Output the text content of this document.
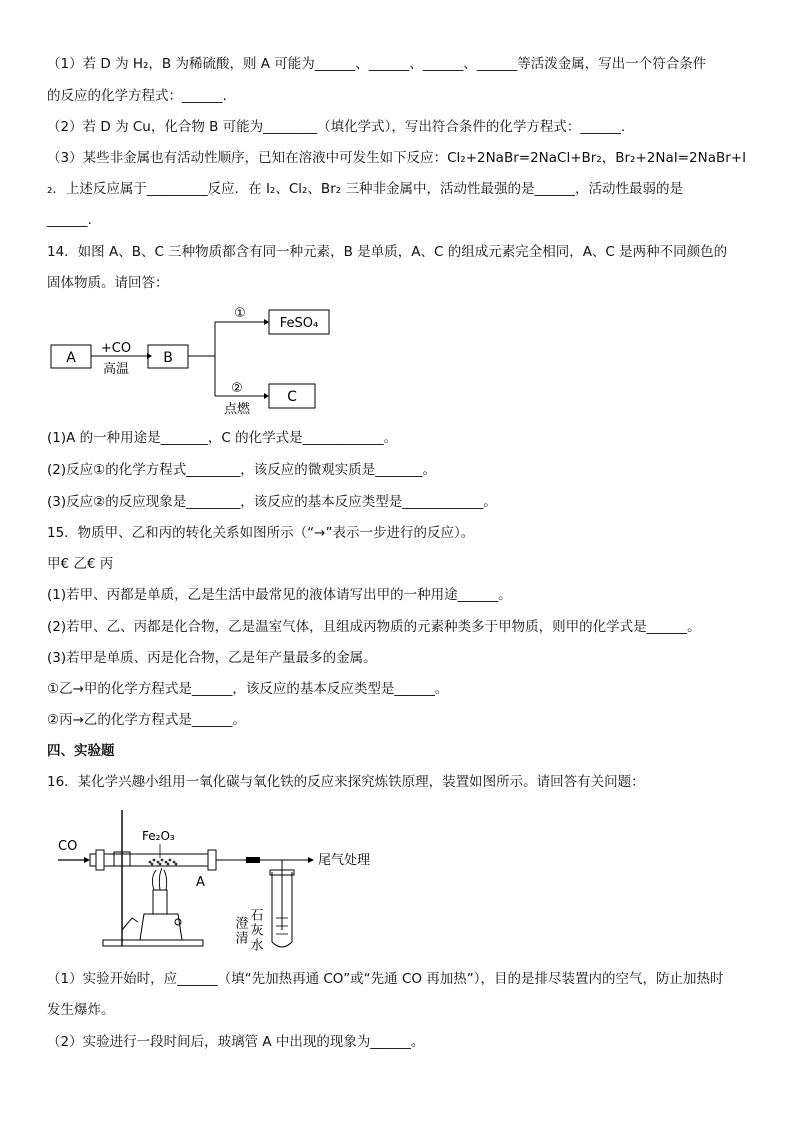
（1）若 D 为 H₂，B 为稀硫酸，则 A 可能为______、______、______、______等活泼金属，写出一个符合条件
的反应的化学方程式：______.
（2）若 D 为 Cu，化合物 B 可能为________（填化学式），写出符合条件的化学方程式：______.
（3）某些非金属也有活动性顺序，已知在溶液中可发生如下反应：Cl₂+2NaBr=2NaCl+Br₂，Br₂+2NaI=2NaBr+I
₂．上述反应属于_________反应．在 I₂、Cl₂、Br₂ 三种非金属中，活动性最强的是______，活动性最弱的是
______.
14．如图 A、B、C 三种物质都含有同一种元素，B 是单质，A、C 的组成元素完全相同，A、C 是两种不同颜色的
固体物质。请回答：
A
+CO
高温
B
①
②
点燃
FeSO₄
C
(1)A 的一种用途是_______，C 的化学式是____________。
(2)反应①的化学方程式________，该反应的微观实质是_______。
(3)反应②的反应现象是________，该反应的基本反应类型是____________。
15．物质甲、乙和丙的转化关系如图所示（“→”表示一步进行的反应）。
甲€ 乙€ 丙
(1)若甲、丙都是单质，乙是生活中最常见的液体请写出甲的一种用途______。
(2)若甲、乙、丙都是化合物，乙是温室气体，且组成丙物质的元素种类多于甲物质，则甲的化学式是______。
(3)若甲是单质、丙是化合物，乙是年产量最多的金属。
①乙→甲的化学方程式是______，该反应的基本反应类型是______。
②丙→乙的化学方程式是______。
四、实验题
16．某化学兴趣小组用一氧化碳与氧化铁的反应来探究炼铁原理，装置如图所示。请回答有关问题：
CO
Fe₂O₃
A
尾气处理
石灰水
澄清
（1）实验开始时，应______（填“先加热再通 CO”或“先通 CO 再加热”），目的是排尽装置内的空气，防止加热时
发生爆炸。
（2）实验进行一段时间后，玻璃管 A 中出现的现象为______。
